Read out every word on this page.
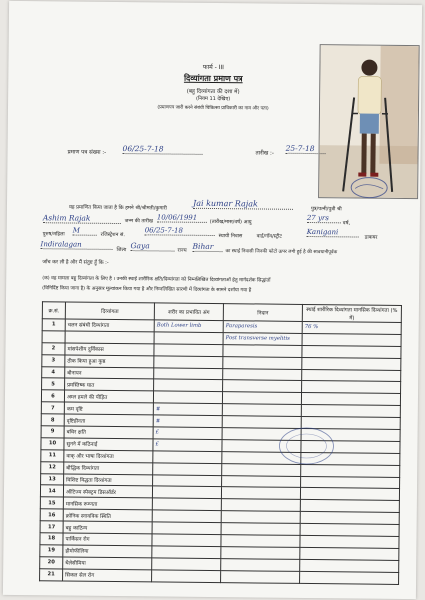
फार्म - III
दिव्यांगता प्रमाण पत्र
(बहु दिव्यांगता की दशा में)
(नियम 11 देखिए)
(प्रमाणपत्र जारी करने संबंधी चिकित्सा प्राधिकारी का नाम और पता)
प्रमाण पत्र संख्या :- 06/25-7-18
तारीख :-
25-7-18
यह प्रमाणित किया जाता है कि हमने श्री/श्रीमती/कुमारी	Jai kumar Rajak
पुत्र/पत्नी/पुत्री श्री
Ashim Rajak	जन्म की तारीख 10/06/1991
(तारीख/मास/वर्ष) आयु	27 yrs
वर्ष,
पुरुष/महिला M
रजिस्ट्रेशन सं.
06/25-7-18
स्थायी निवास	वार्ड/गाँव/स्ट्रीट
Kanigani
डाकघर
Indiralagan
जिला Gaya
राज्य Bihar
का स्थाई निवासी जिनकी फोटो ऊपर लगी हुई है की सावधानीपूर्वक
जाँच कर ली है और मैं संतुष्ट हूँ कि :-
(क) वह मामला बहु दिव्यांगता के लिए है । उनकी स्थाई शारीरिक क्षति/दिव्यांगता को निम्नलिखित दिव्यांगताओं हेतु मार्गदर्शक सिद्धांतों
(विनिर्दिष्ट किया जाना है) के अनुसार मूल्यांकन किया गया है और निम्नलिखित सारणी में दिव्यांगता के सामने दर्शाया गया है
क्र.सं.	दिव्यांगता	शरीर का प्रभावित अंग	निदान	स्थाई शारीरिक दिव्यांगता मानसिक दिव्यांगता (% में)
1	चलन संबंधी दिव्यांगता	Both Lower limb	Paraparesis	76 %
			Post transverse myelitis	
2	मांसपेशीय दुर्विकास			
3	ठीक किया हुआ कुष्ठ			
4	बौनापन			
5	प्रमस्तिष्क घात			
6	अम्ल हमले की पीड़ित			
7	कम दृष्टि	#		
8	दृष्टिहीनता	#		
9	बधिर क्षति	£		
10	सुनने में कठिनाई	£		
11	वाक् और भाषा दिव्यांगता			
12	बौद्धिक दिव्यांगता			
13	विशिष्ट विद्धता दिव्यांगता			
14	ऑटिज्म स्पेक्ट्रम डिसऑर्डर			
15	मानसिक रूग्णता			
16	क्रोनिक स्नायविक स्थिति			
17	बहु काठिन्य			
18	पार्किंसन रोग			
19	हीमोफीलिया			
20	थैलेसीमिया			
21	सिकल सेल रोग			
